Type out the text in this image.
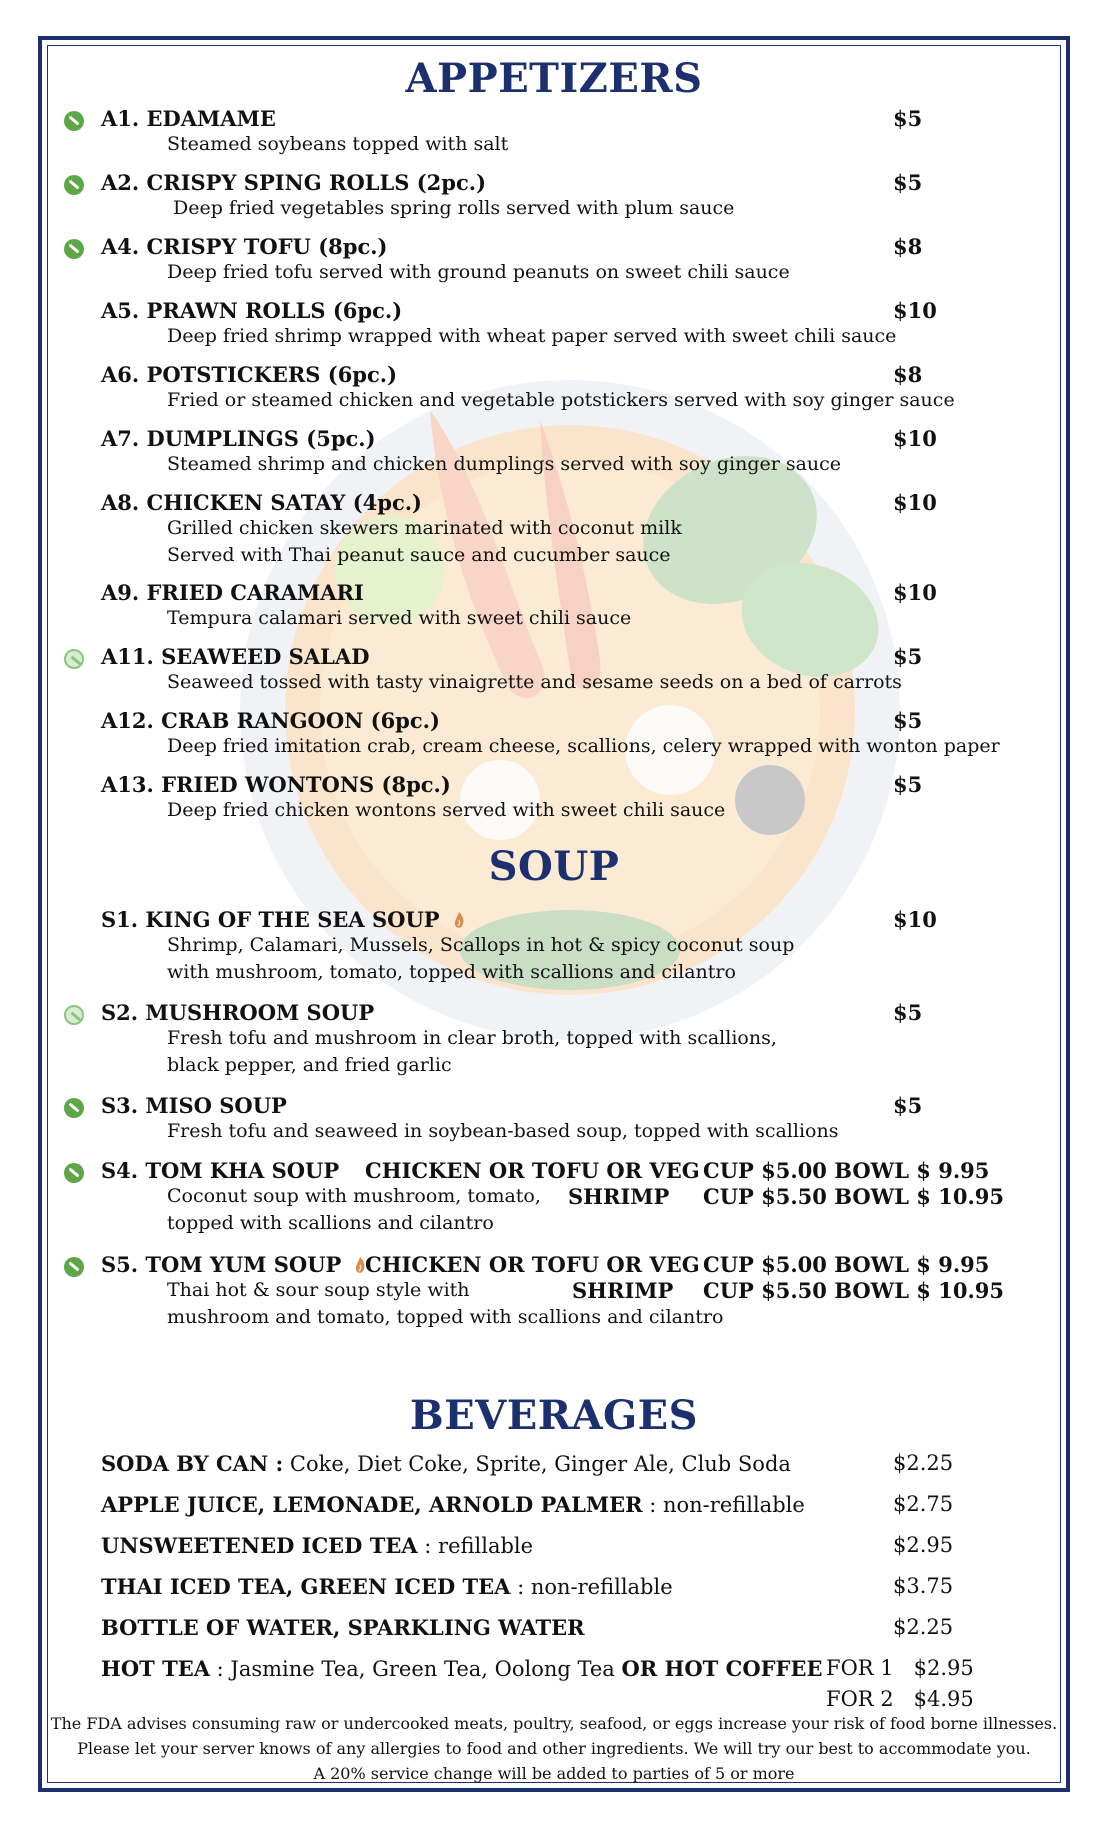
APPETIZERS
A1. EDAMAME	$5
Steamed soybeans topped with salt
A2. CRISPY SPING ROLLS (2pc.)	$5
Deep fried vegetables spring rolls served with plum sauce
A4. CRISPY TOFU (8pc.)	$8
Deep fried tofu served with ground peanuts on sweet chili sauce
A5. PRAWN ROLLS (6pc.)	$10
Deep fried shrimp wrapped with wheat paper served with sweet chili sauce
A6. POTSTICKERS (6pc.)	$8
Fried or steamed chicken and vegetable potstickers served with soy ginger sauce
A7. DUMPLINGS (5pc.)	$10
Steamed shrimp and chicken dumplings served with soy ginger sauce
A8. CHICKEN SATAY (4pc.)	$10
Grilled chicken skewers marinated with coconut milk
Served with Thai peanut sauce and cucumber sauce
A9. FRIED CARAMARI	$10
Tempura calamari served with sweet chili sauce
A11. SEAWEED SALAD	$5
Seaweed tossed with tasty vinaigrette and sesame seeds on a bed of carrots
A12. CRAB RANGOON (6pc.)	$5
Deep fried imitation crab, cream cheese, scallions, celery wrapped with wonton paper
A13. FRIED WONTONS (8pc.)	$5
Deep fried chicken wontons served with sweet chili sauce
SOUP
S1. KING OF THE SEA SOUP	$10
Shrimp, Calamari, Mussels, Scallops in hot & spicy coconut soup
with mushroom, tomato, topped with scallions and cilantro
S2. MUSHROOM SOUP	$5
Fresh tofu and mushroom in clear broth, topped with scallions,
black pepper, and fried garlic
S3. MISO SOUP	$5
Fresh tofu and seaweed in soybean-based soup, topped with scallions
S4. TOM KHA SOUP CHICKEN OR TOFU OR VEG CUP $5.00 BOWL $ 9.95
Coconut soup with mushroom, tomato, SHRIMP CUP $5.50 BOWL $ 10.95
topped with scallions and cilantro
S5. TOM YUM SOUP	CHICKEN OR TOFU OR VEG CUP $5.00 BOWL $ 9.95
Thai hot & sour soup style with	SHRIMP CUP $5.50 BOWL $ 10.95
mushroom and tomato, topped with scallions and cilantro
BEVERAGES
SODA BY CAN : Coke, Diet Coke, Sprite, Ginger Ale, Club Soda	$2.25
APPLE JUICE, LEMONADE, ARNOLD PALMER : non-refillable	$2.75
UNSWEETENED ICED TEA : refillable	$2.95
THAI ICED TEA, GREEN ICED TEA : non-refillable	$3.75
BOTTLE OF WATER, SPARKLING WATER	$2.25
HOT TEA : Jasmine Tea, Green Tea, Oolong Tea OR HOT COFFEE FOR 1   $2.95
FOR 2   $4.95
The FDA advises consuming raw or undercooked meats, poultry, seafood, or eggs increase your risk of food borne illnesses.
Please let your server knows of any allergies to food and other ingredients. We will try our best to accommodate you.
A 20% service change will be added to parties of 5 or more
